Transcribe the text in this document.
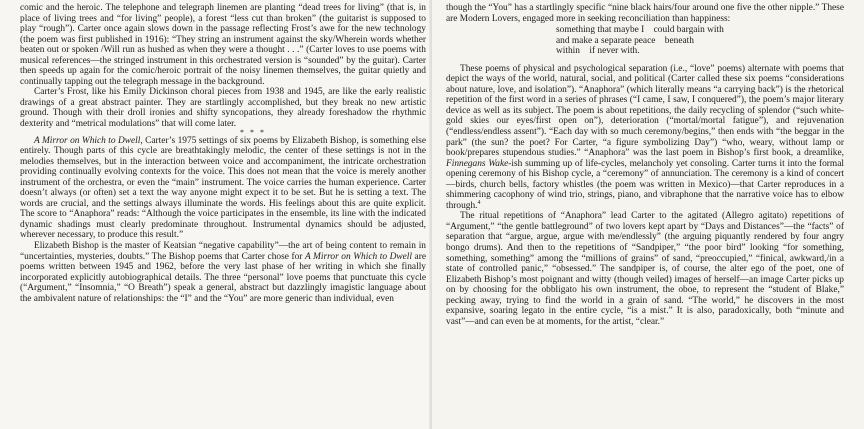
comic and the heroic. The telephone and telegraph linemen are planting “dead trees for living” (that is, in place of living trees and “for living” people), a forest “less cut than broken” (the guitarist is supposed to play “rough”). Carter once again slows down in the passage reflecting Frost’s awe for the new technology (the poem was first published in 1916): “They string an instrument against the sky/Wherein words whether beaten out or spoken /Will run as hushed as when they were a thought . . .” (Carter loves to use poems with musical references—the stringed instrument in this orchestrated version is “sounded” by the guitar). Carter then speeds up again for the comic/heroic portrait of the noisy linemen themselves, the guitar quietly and continually tapping out the telegraph message in the background.

Carter’s Frost, like his Emily Dickinson choral pieces from 1938 and 1945, are like the early realistic drawings of a great abstract painter. They are startlingly accomplished, but they break no new artistic ground. Though with their droll ironies and shifty syncopations, they already foreshadow the rhythmic dexterity and “metrical modulations” that will come later.

* * *

A Mirror on Which to Dwell, Carter’s 1975 settings of six poems by Elizabeth Bishop, is something else entirely. Though parts of this cycle are breathtakingly melodic, the center of these settings is not in the melodies themselves, but in the interaction between voice and accompaniment, the intricate orchestration providing continually evolving contexts for the voice. This does not mean that the voice is merely another instrument of the orchestra, or even the “main” instrument. The voice carries the human experience. Carter doesn’t always (or often) set a text the way anyone might expect it to be set. But he is setting a text. The words are crucial, and the settings always illuminate the words. His feelings about this are quite explicit. The score to “Anaphora” reads: “Although the voice participates in the ensemble, its line with the indicated dynamic shadings must clearly predominate throughout. Instrumental dynamics should be adjusted, wherever necessary, to produce this result.”

Elizabeth Bishop is the master of Keatsian “negative capability”—the art of being content to remain in “uncertainties, mysteries, doubts.” The Bishop poems that Carter chose for A Mirror on Which to Dwell are poems written between 1945 and 1962, before the very last phase of her writing in which she finally incorporated explicitly autobiographical details. The three “personal” love poems that punctuate this cycle (“Argument,” “Insomnia,” “O Breath”) speak a general, abstract but dazzlingly imagistic language about the ambivalent nature of relationships: the “I” and the “You” are more generic than individual, even

though the “You” has a startlingly specific “nine black hairs/four around one five the other nipple.” These are Modern Lovers, engaged more in seeking reconciliation than happiness:

something that maybe I    could bargain with
and make a separate peace    beneath
within    if never with.

These poems of physical and psychological separation (i.e., “love” poems) alternate with poems that depict the ways of the world, natural, social, and political (Carter called these six poems “considerations about nature, love, and isolation”). “Anaphora” (which literally means “a carrying back”) is the rhetorical repetition of the first word in a series of phrases (“I came, I saw, I conquered”), the poem’s major literary device as well as its subject. The poem is about repetitions, the daily recycling of splendor (“such white-gold skies our eyes/first open on”), deterioration (“mortal/mortal fatigue”), and rejuvenation (“endless/endless assent”). “Each day with so much ceremony/begins,” then ends with “the beggar in the park” (the sun? the poet? For Carter, “a figure symbolizing Day”) “who, weary, without lamp or book/prepares stupendous studies.” “Anaphora” was the last poem in Bishop’s first book, a dreamlike, Finnegans Wake-ish summing up of life-cycles, melancholy yet consoling. Carter turns it into the formal opening ceremony of his Bishop cycle, a “ceremony” of annunciation. The ceremony is a kind of concert—birds, church bells, factory whistles (the poem was written in Mexico)—that Carter reproduces in a shimmering cacophony of wind trio, strings, piano, and vibraphone that the narrative voice has to elbow through.$^4$

The ritual repetitions of “Anaphora” lead Carter to the agitated (Allegro agitato) repetitions of “Argument,” “the gentle battleground” of two lovers kept apart by “Days and Distances”—the “facts” of separation that “argue, argue, argue with me/endlessly” (the arguing piquantly rendered by four angry bongo drums). And then to the repetitions of “Sandpiper,” “the poor bird” looking “for something, something, something” among the “millions of grains” of sand, “preoccupied,” “finical, awkward,/in a state of controlled panic,” “obsessed.” The sandpiper is, of course, the alter ego of the poet, one of Elizabeth Bishop’s most poignant and witty (though veiled) images of herself—an image Carter picks up on by choosing for the obbligato his own instrument, the oboe, to represent the “student of Blake,” pecking away, trying to find the world in a grain of sand. “The world,” he discovers in the most expansive, soaring legato in the entire cycle, “is a mist.” It is also, paradoxically, both “minute and vast”—and can even be at moments, for the artist, “clear.”
